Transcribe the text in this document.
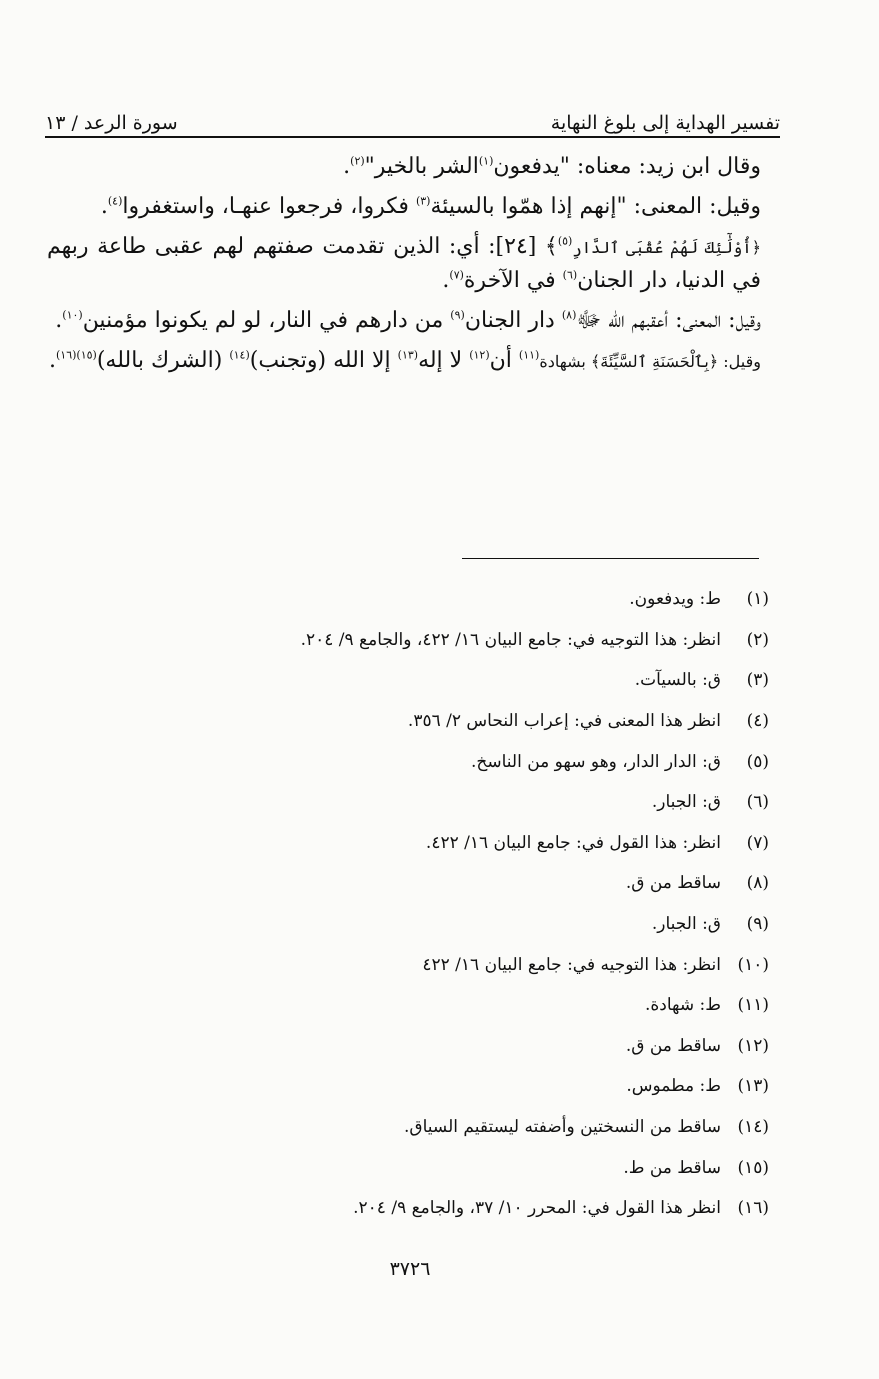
تفسير الهداية إلى بلوغ النهاية
سورة الرعد / ١٣

وقال ابن زيد: معناه: "يدفعون$^{(١)}$الشر بالخير"$^{(٢)}$.

وقيل: المعنى: "إنهم إذا همّوا بالسيئة$^{(٣)}$ فكروا، فرجعوا عنهـا، واستغفروا$^{(٤)}$.

﴿أُوْلَٰٓئِكَ لَهُمْ عُقْبَى ٱلدَّارِ$^{(٥)}$﴾ [٢٤]: أي: الذين تقدمت صفتهم لهم عقبى طاعة ربهم في الدنيا، دار الجنان$^{(٦)}$ في الآخرة$^{(٧)}$.

وقيل: المعنى: أعقبهم الله ﷻ$^{(٨)}$ دار الجنان$^{(٩)}$ من دارهم في النار، لو لم يكونوا مؤمنين$^{(١٠)}$.

وقيل: ﴿بِٱلْحَسَنَةِ ٱلسَّيِّئَةَ﴾ بشهادة$^{(١١)}$ أن$^{(١٢)}$ لا إله$^{(١٣)}$ إلا الله (وتجنب)$^{(١٤)}$ (الشرك بالله)$^{(١٥)(١٦)}$.

(١)
ط: ويدفعون.
(٢)
انظر: هذا التوجيه في: جامع البيان ١٦/ ٤٢٢، والجامع ٩/ ٢٠٤.
(٣)
ق: بالسيآت.
(٤)
انظر هذا المعنى في: إعراب النحاس ٢/ ٣٥٦.
(٥)
ق: الدار الدار، وهو سهو من الناسخ.
(٦)
ق: الجبار.
(٧)
انظر: هذا القول في: جامع البيان ١٦/ ٤٢٢.
(٨)
ساقط من ق.
(٩)
ق: الجبار.
(١٠)
انظر: هذا التوجيه في: جامع البيان ١٦/ ٤٢٢
(١١)
ط: شهادة.
(١٢)
ساقط من ق.
(١٣)
ط: مطموس.
(١٤)
ساقط من النسختين وأضفته ليستقيم السياق.
(١٥)
ساقط من ط.
(١٦)
انظر هذا القول في: المحرر ١٠/ ٣٧، والجامع ٩/ ٢٠٤.
٣٧٢٦
